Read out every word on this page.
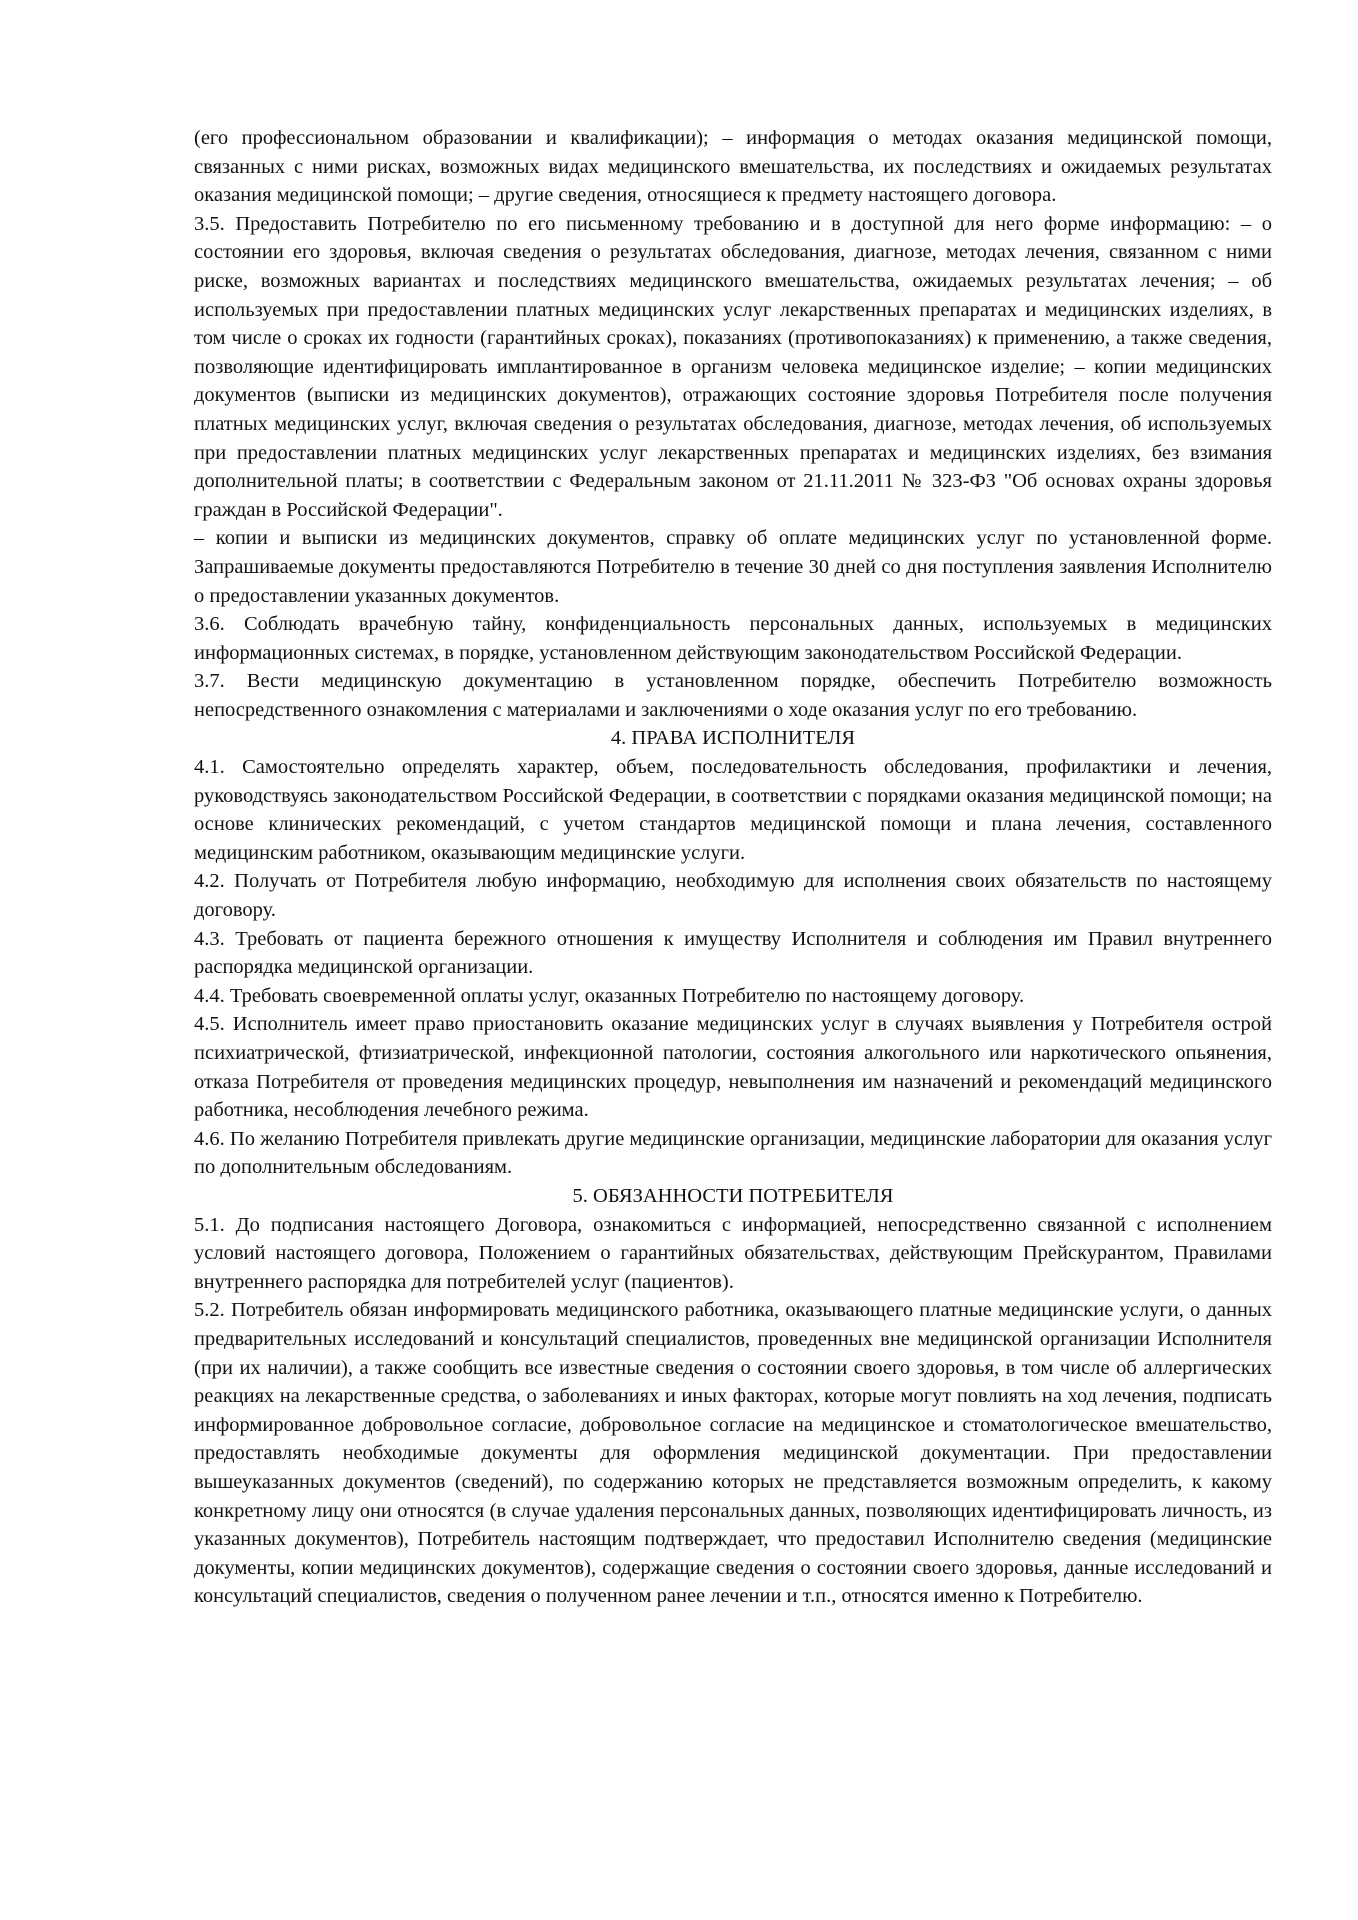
(его профессиональном образовании и квалификации); – информация о методах оказания медицинской помощи, связанных с ними рисках, возможных видах медицинского вмешательства, их последствиях и ожидаемых результатах оказания медицинской помощи; – другие сведения, относящиеся к предмету настоящего договора.

3.5. Предоставить Потребителю по его письменному требованию и в доступной для него форме информацию: – о состоянии его здоровья, включая сведения о результатах обследования, диагнозе, методах лечения, связанном с ними риске, возможных вариантах и последствиях медицинского вмешательства, ожидаемых результатах лечения; – об используемых при предоставлении платных медицинских услуг лекарственных препаратах и медицинских изделиях, в том числе о сроках их годности (гарантийных сроках), показаниях (противопоказаниях) к применению, а также сведения, позволяющие идентифицировать имплантированное в организм человека медицинское изделие; – копии медицинских документов (выписки из медицинских документов), отражающих состояние здоровья Потребителя после получения платных медицинских услуг, включая сведения о результатах обследования, диагнозе, методах лечения, об используемых при предоставлении платных медицинских услуг лекарственных препаратах и медицинских изделиях, без взимания дополнительной платы; в соответствии с Федеральным законом от 21.11.2011 № 323-ФЗ "Об основах охраны здоровья граждан в Российской Федерации".

– копии и выписки из медицинских документов, справку об оплате медицинских услуг по установленной форме. Запрашиваемые документы предоставляются Потребителю в течение 30 дней со дня поступления заявления Исполнителю о предоставлении указанных документов.

3.6. Соблюдать врачебную тайну, конфиденциальность персональных данных, используемых в медицинских информационных системах, в порядке, установленном действующим законодательством Российской Федерации.

3.7. Вести медицинскую документацию в установленном порядке, обеспечить Потребителю возможность непосредственного ознакомления с материалами и заключениями о ходе оказания услуг по его требованию.

4. ПРАВА ИСПОЛНИТЕЛЯ

4.1. Самостоятельно определять характер, объем, последовательность обследования, профилактики и лечения, руководствуясь законодательством Российской Федерации, в соответствии с порядками оказания медицинской помощи; на основе клинических рекомендаций, с учетом стандартов медицинской помощи и плана лечения, составленного медицинским работником, оказывающим медицинские услуги.

4.2. Получать от Потребителя любую информацию, необходимую для исполнения своих обязательств по настоящему договору.

4.3. Требовать от пациента бережного отношения к имуществу Исполнителя и соблюдения им Правил внутреннего распорядка медицинской организации.

4.4. Требовать своевременной оплаты услуг, оказанных Потребителю по настоящему договору.

4.5. Исполнитель имеет право приостановить оказание медицинских услуг в случаях выявления у Потребителя острой психиатрической, фтизиатрической, инфекционной патологии, состояния алкогольного или наркотического опьянения, отказа Потребителя от проведения медицинских процедур, невыполнения им назначений и рекомендаций медицинского работника, несоблюдения лечебного режима.

4.6. По желанию Потребителя привлекать другие медицинские организации, медицинские лаборатории для оказания услуг по дополнительным обследованиям.

5. ОБЯЗАННОСТИ ПОТРЕБИТЕЛЯ

5.1. До подписания настоящего Договора, ознакомиться с информацией, непосредственно связанной с исполнением условий настоящего договора, Положением о гарантийных обязательствах, действующим Прейскурантом, Правилами внутреннего распорядка для потребителей услуг (пациентов).

5.2. Потребитель обязан информировать медицинского работника, оказывающего платные медицинские услуги, о данных предварительных исследований и консультаций специалистов, проведенных вне медицинской организации Исполнителя (при их наличии), а также сообщить все известные сведения о состоянии своего здоровья, в том числе об аллергических реакциях на лекарственные средства, о заболеваниях и иных факторах, которые могут повлиять на ход лечения, подписать информированное добровольное согласие, добровольное согласие на медицинское и стоматологическое вмешательство, предоставлять необходимые документы для оформления медицинской документации. При предоставлении вышеуказанных документов (сведений), по содержанию которых не представляется возможным определить, к какому конкретному лицу они относятся (в случае удаления персональных данных, позволяющих идентифицировать личность, из указанных документов), Потребитель настоящим подтверждает, что предоставил Исполнителю сведения (медицинские документы, копии медицинских документов), содержащие сведения о состоянии своего здоровья, данные исследований и консультаций специалистов, сведения о полученном ранее лечении и т.п., относятся именно к Потребителю.
